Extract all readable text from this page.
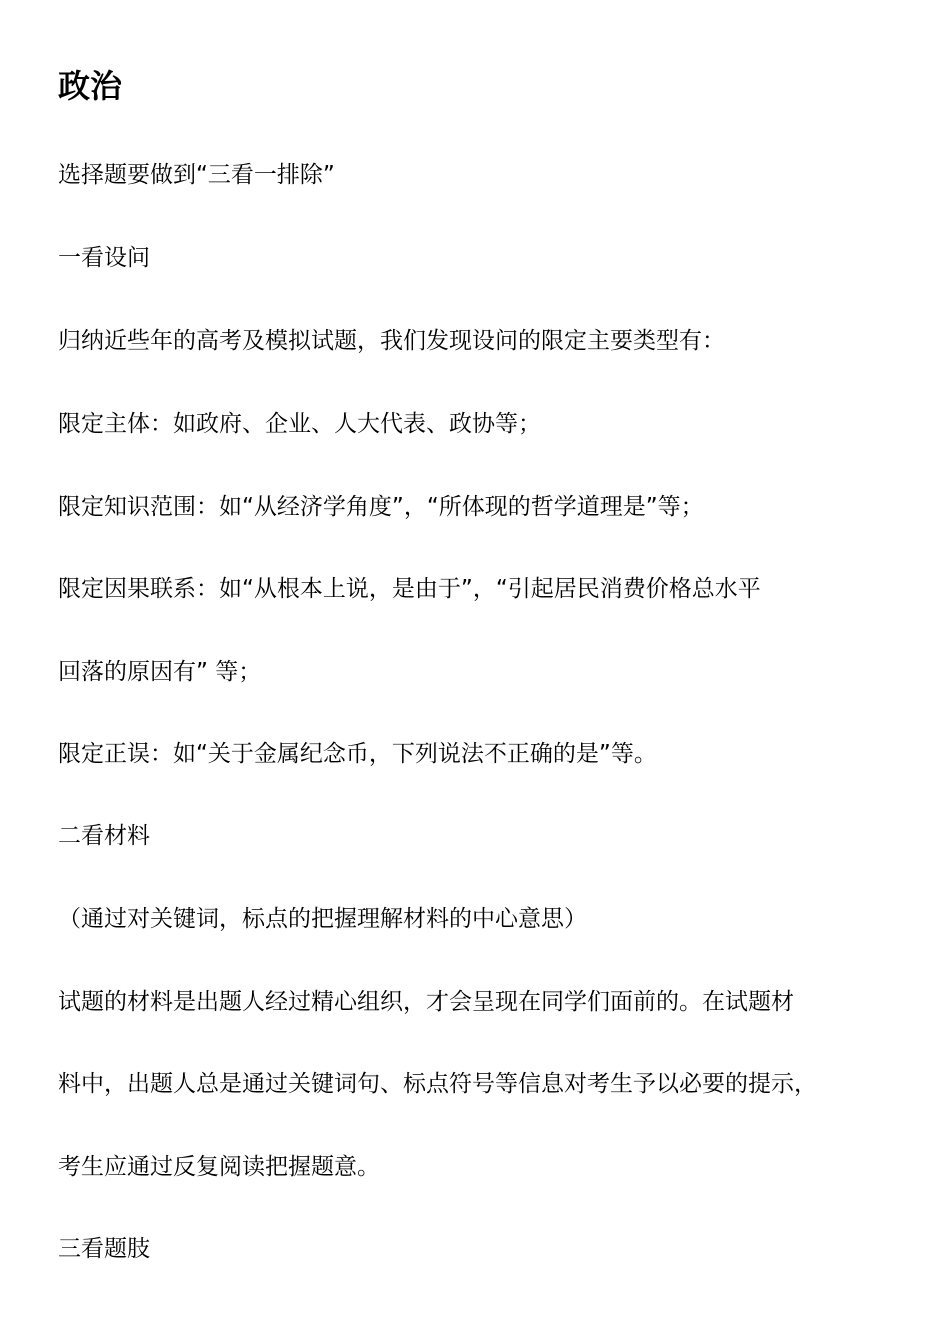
政治

选择题要做到“三看一排除”

一看设问

归纳近些年的高考及模拟试题，我们发现设问的限定主要类型有：

限定主体：如政府、企业、人大代表、政协等；

限定知识范围：如“从经济学角度”，“所体现的哲学道理是”等；

限定因果联系：如“从根本上说，是由于”，“引起居民消费价格总水平

回落的原因有” 等；

限定正误：如“关于金属纪念币，下列说法不正确的是”等。

二看材料

（通过对关键词，标点的把握理解材料的中心意思）

试题的材料是出题人经过精心组织，才会呈现在同学们面前的。在试题材

料中，出题人总是通过关键词句、标点符号等信息对考生予以必要的提示，

考生应通过反复阅读把握题意。

三看题肢
